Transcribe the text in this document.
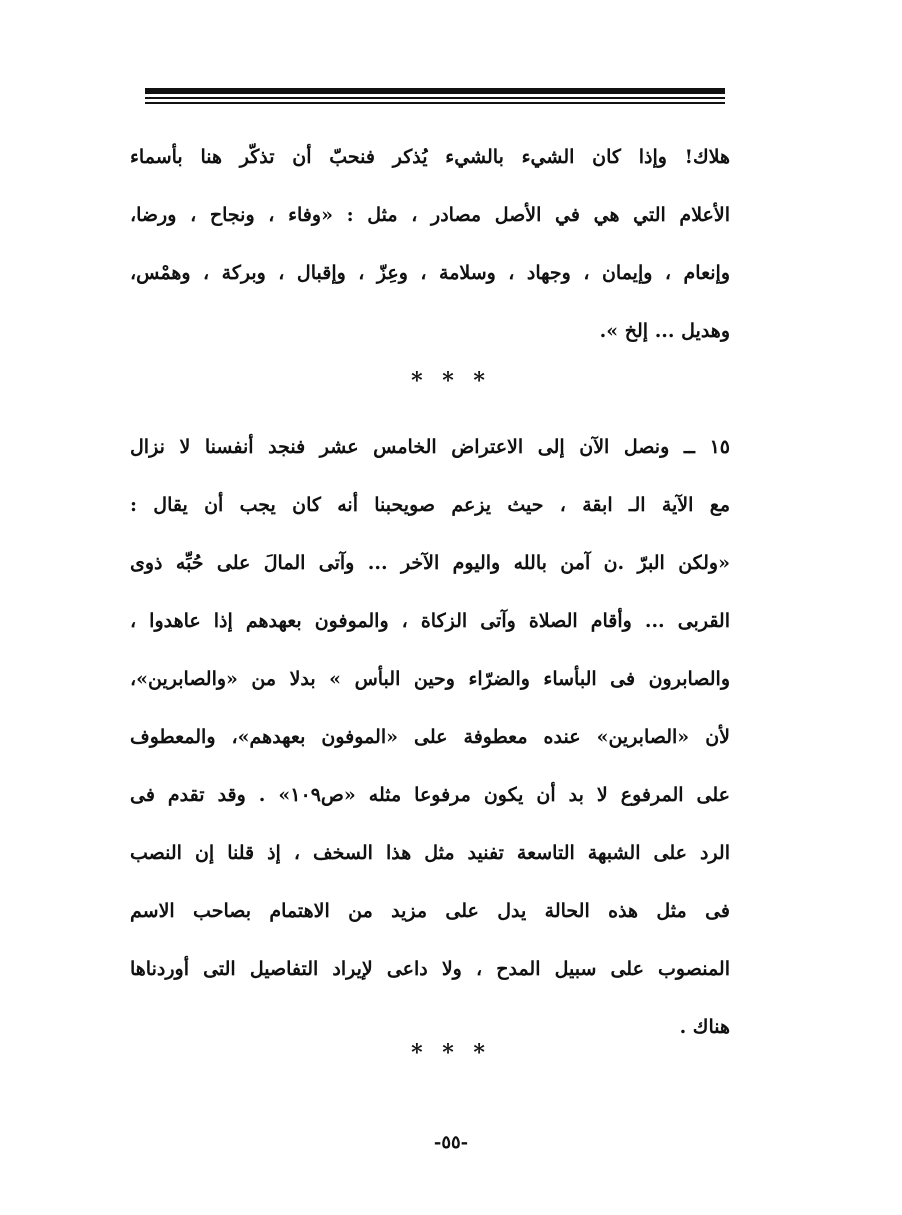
هلاك! وإذا كان الشيء بالشيء يُذكر فنحبّ أن تذكّر هنا بأسماء
الأعلام التي هي في الأصل مصادر ، مثل : «وفاء ، ونجاح ، ورضا،
وإنعام ، وإيمان ، وجهاد ، وسلامة ، وعِزّ ، وإقبال ، وبركة ، وهمْس،
وهديل ... إلخ ».
* * *
١٥ ــ ونصل الآن إلى الاعتراض الخامس عشر فنجد أنفسنا لا نزال
مع الآية الـ ابقة ، حيث يزعم صويحبنا أنه كان يجب أن يقال :
«ولكن البرّ .ن آمن بالله واليوم الآخر ... وآتى المالَ على حُبِّه ذوى
القربى ... وأقام الصلاة وآتى الزكاة ، والموفون بعهدهم إذا عاهدوا ،
والصابرون فى البأساء والضرّاء وحين البأس » بدلا من «والصابرين»،
لأن «الصابرين» عنده معطوفة على «الموفون بعهدهم»، والمعطوف
على المرفوع لا بد أن يكون مرفوعا مثله «ص١٠٩» . وقد تقدم فى
الرد على الشبهة التاسعة تفنيد مثل هذا السخف ، إذ قلنا إن النصب
فى مثل هذه الحالة يدل على مزيد من الاهتمام بصاحب الاسم
المنصوب على سبيل المدح ، ولا داعى لإيراد التفاصيل التى أوردناها
هناك .
* * *
-٥٥-
